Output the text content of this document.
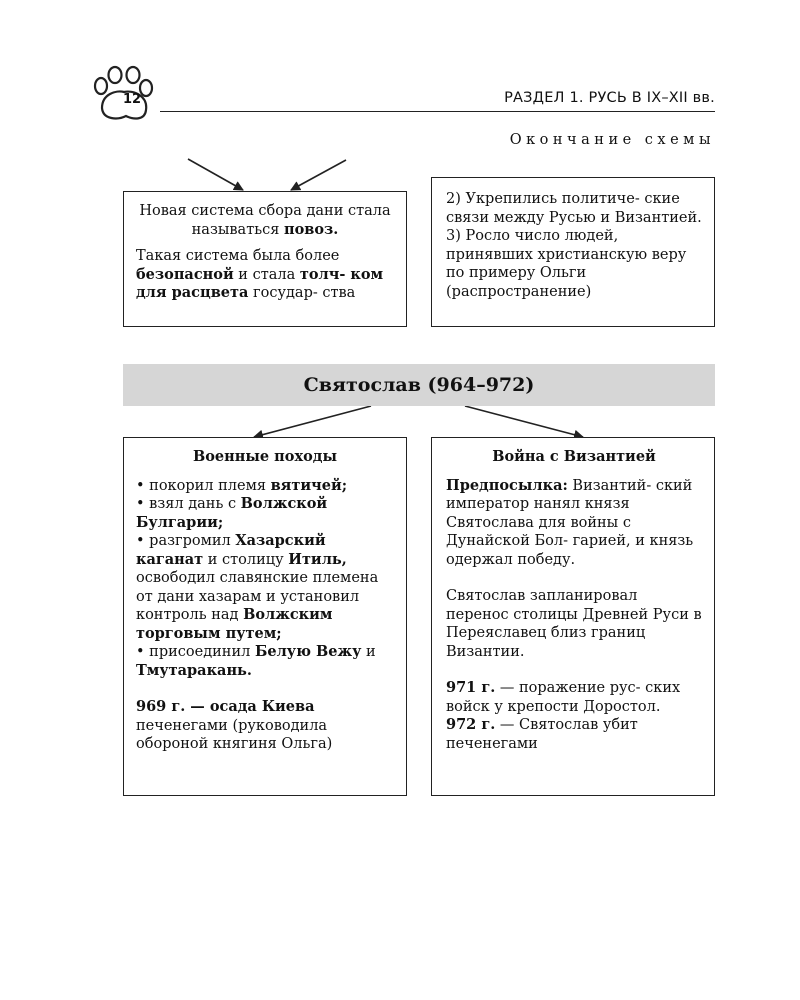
12	РАЗДЕЛ 1. РУСЬ В IX–XII вв.
Окончание схемы

Новая система сбора дани стала называться повоз.

Такая система была более безопасной и стала толч- ком для расцвета государ- ства

2) Укрепились политиче- ские связи между Русью и Византией.

3) Росло число людей, принявших христианскую веру по примеру Ольги (распространение)

Святослав (964–972)

Военные походы

• покорил племя вятичей;

• взял дань с Волжской Булгарии;

• разгромил Хазарский каганат и столицу Итиль, освободил славянские племена от дани хазарам и установил контроль над Волжским торговым путем;

• присоединил Белую Вежу и Тмутаракань.

969 г. — осада Киева печенегами (руководила обороной княгиня Ольга)

Война с Византией

Предпосылка: Византий- ский император нанял князя Святослава для войны с Дунайской Бол- гарией, и князь одержал победу.

Святослав запланировал перенос столицы Древней Руси в Переяславец близ границ Византии.

971 г. — поражение рус- ских войск у крепости Доростол.

972 г. — Святослав убит печенегами
